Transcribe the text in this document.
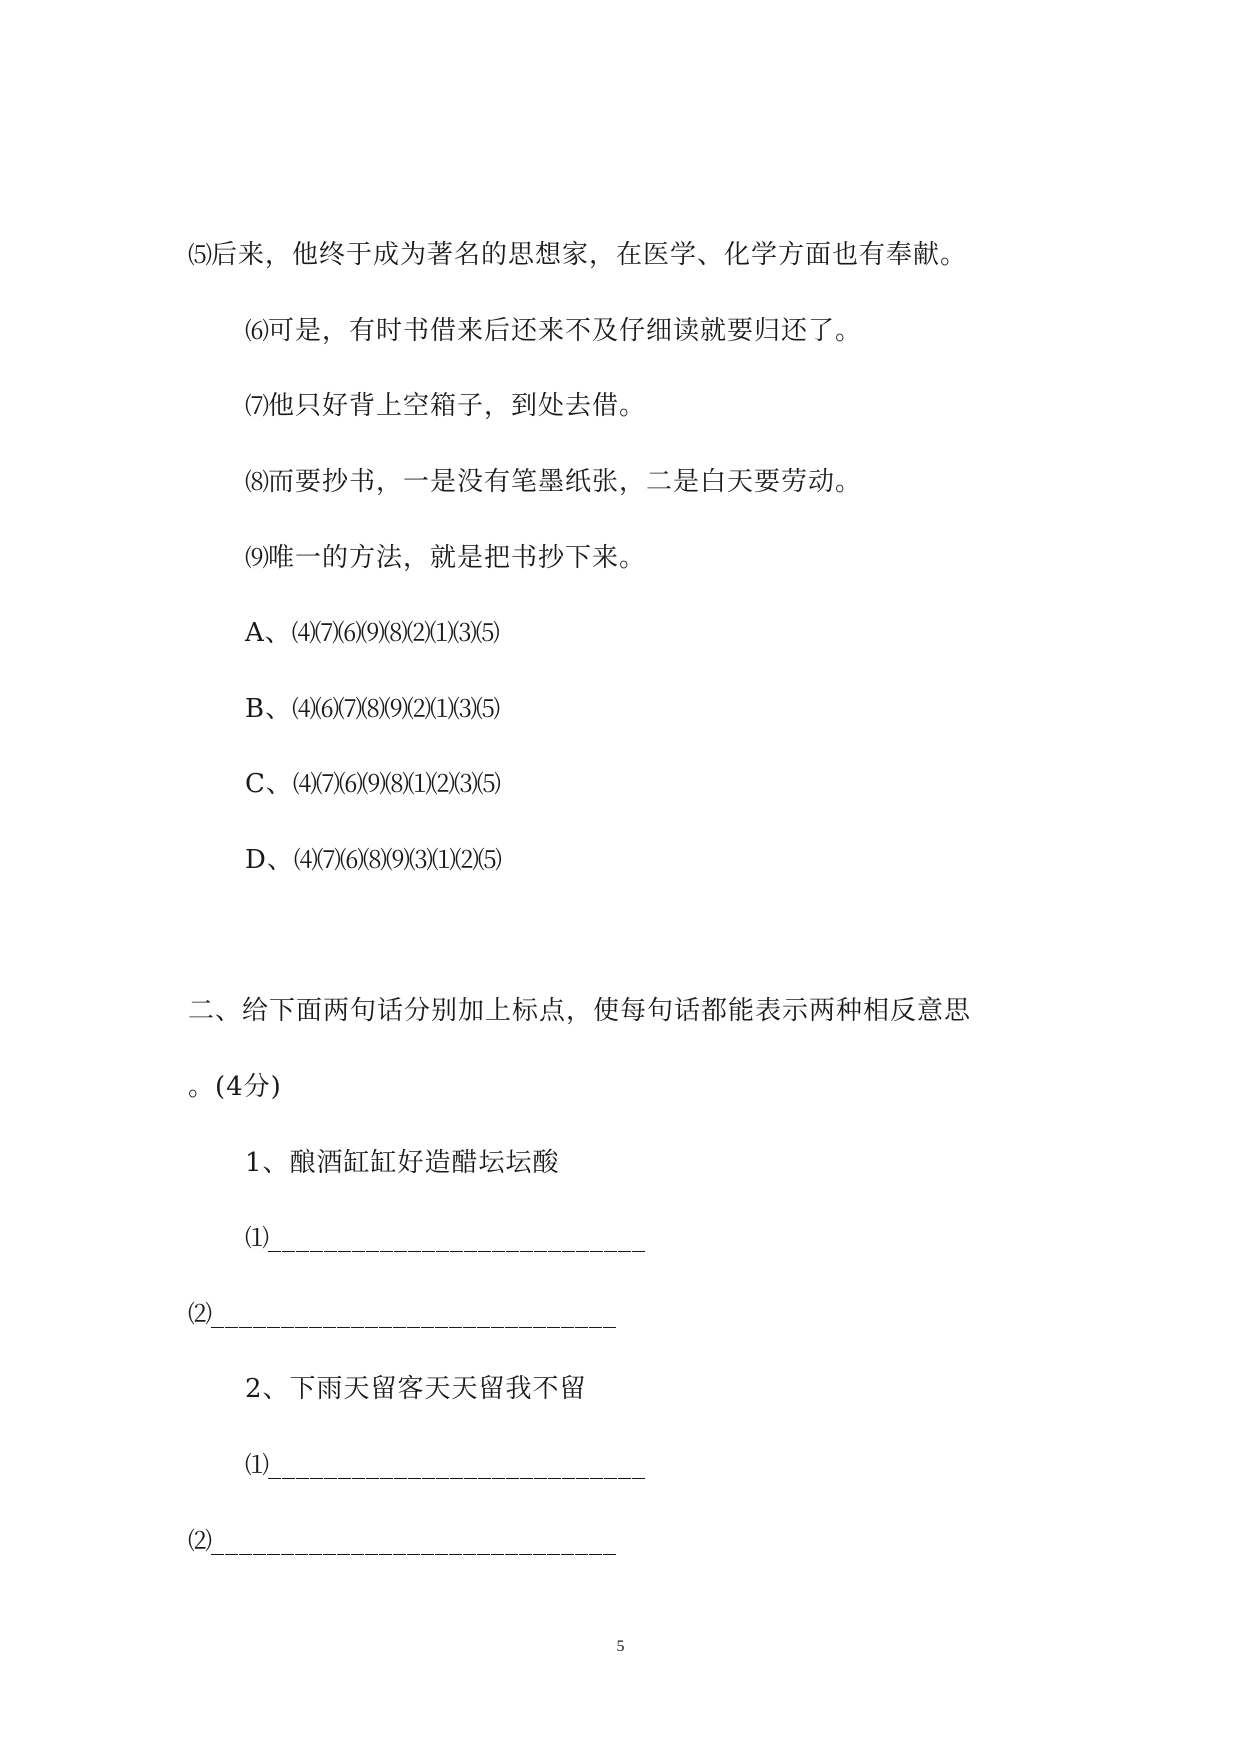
⑸后来，他终于成为著名的思想家，在医学、化学方面也有奉献。
⑹可是，有时书借来后还来不及仔细读就要归还了。
⑺他只好背上空箱子，到处去借。
⑻而要抄书，一是没有笔墨纸张，二是白天要劳动。
⑼唯一的方法，就是把书抄下来。
A、⑷⑺⑹⑼⑻⑵⑴⑶⑸
B、⑷⑹⑺⑻⑼⑵⑴⑶⑸
C、⑷⑺⑹⑼⑻⑴⑵⑶⑸
D、⑷⑺⑹⑻⑼⑶⑴⑵⑸
二、给下面两句话分别加上标点，使每句话都能表示两种相反意思
。(4分)
1、酿酒缸缸好造醋坛坛酸
⑴___________________________
⑵_____________________________
2、下雨天留客天天留我不留
⑴___________________________
⑵_____________________________
5
